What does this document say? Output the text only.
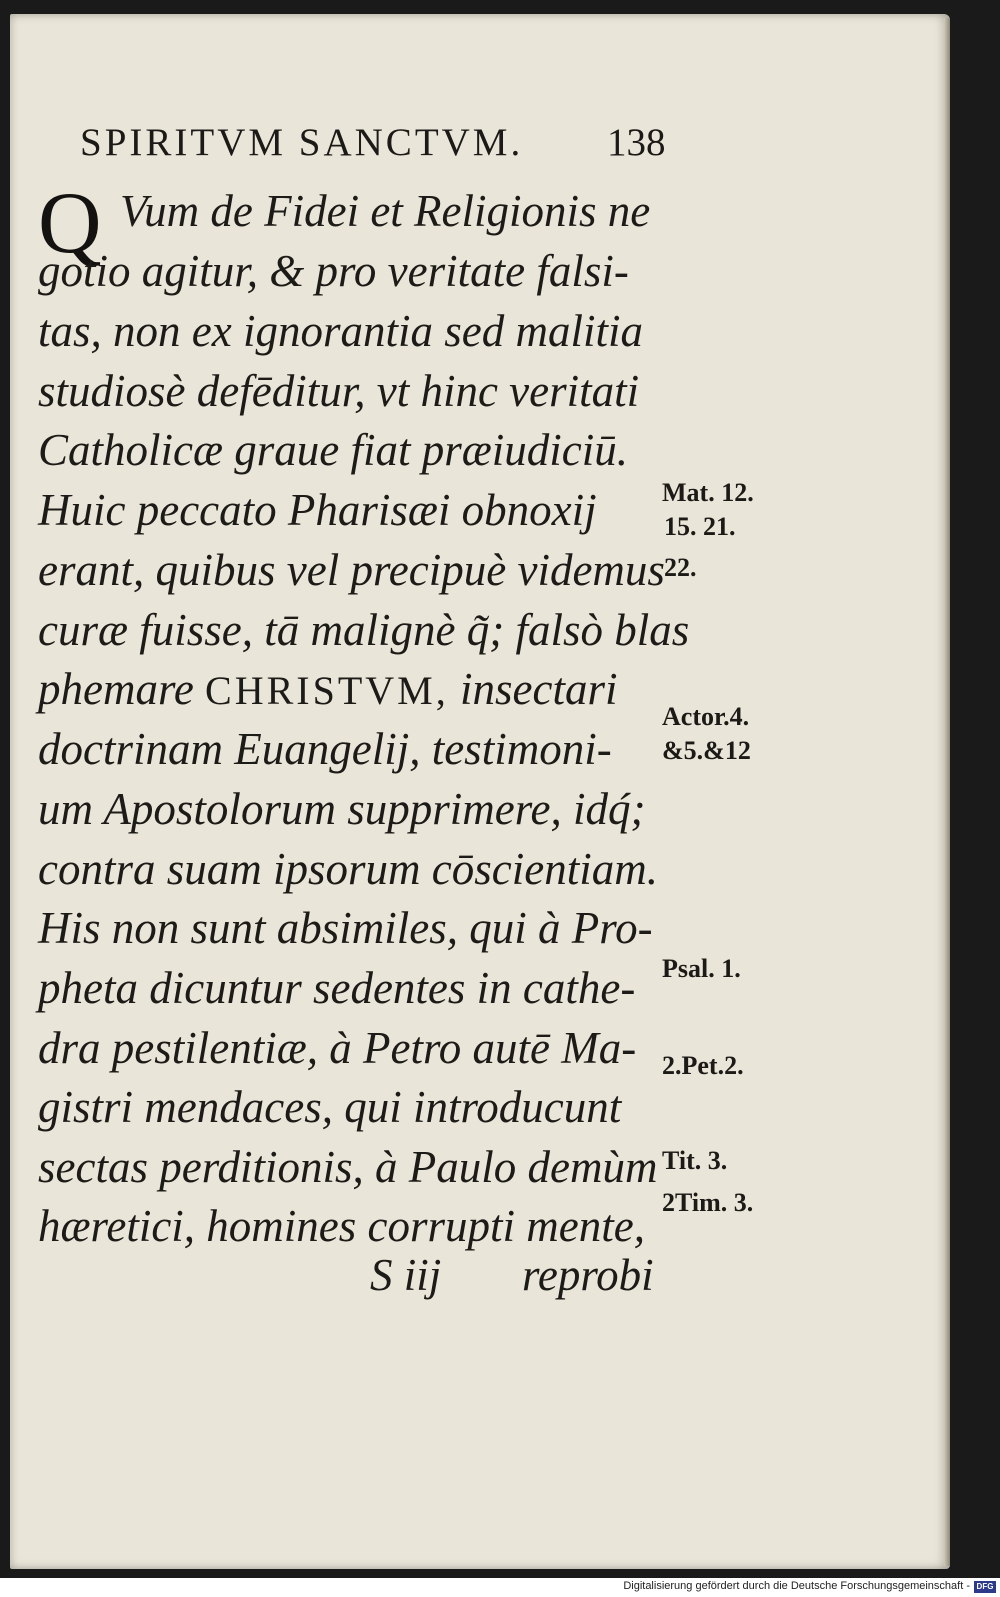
SPIRITVM SANCTVM. 138
Q Vum de Fidei et Religionis ne
gotio agitur, & pro veritate falsi-
tas, non ex ignorantia sed malitia
studiosè defēditur, vt hinc veritati
Catholicæ graue fiat præiudiciū.
Huic peccato Pharisæi obnoxij
erant, quibus vel precipuè videmus
curæ fuisse, tā malignè q̃; falsò blas
phemare CHRISTVM, insectari
doctrinam Euangelij, testimoni-
um Apostolorum supprimere, idq́;
contra suam ipsorum cōscientiam.
His non sunt absimiles, qui à Pro-
pheta dicuntur sedentes in cathe-
dra pestilentiæ, à Petro autē Ma-
gistri mendaces, qui introducunt
sectas perditionis, à Paulo demùm
hæretici, homines corrupti mente,
S iij reprobi
Mat. 12.
15. 21.
22.
Actor.4.
&5.&12
Psal. 1.
2.Pet.2.
Tit. 3.
2Tim. 3.
Digitalisierung gefördert durch die Deutsche Forschungsgemeinschaft - DFG
